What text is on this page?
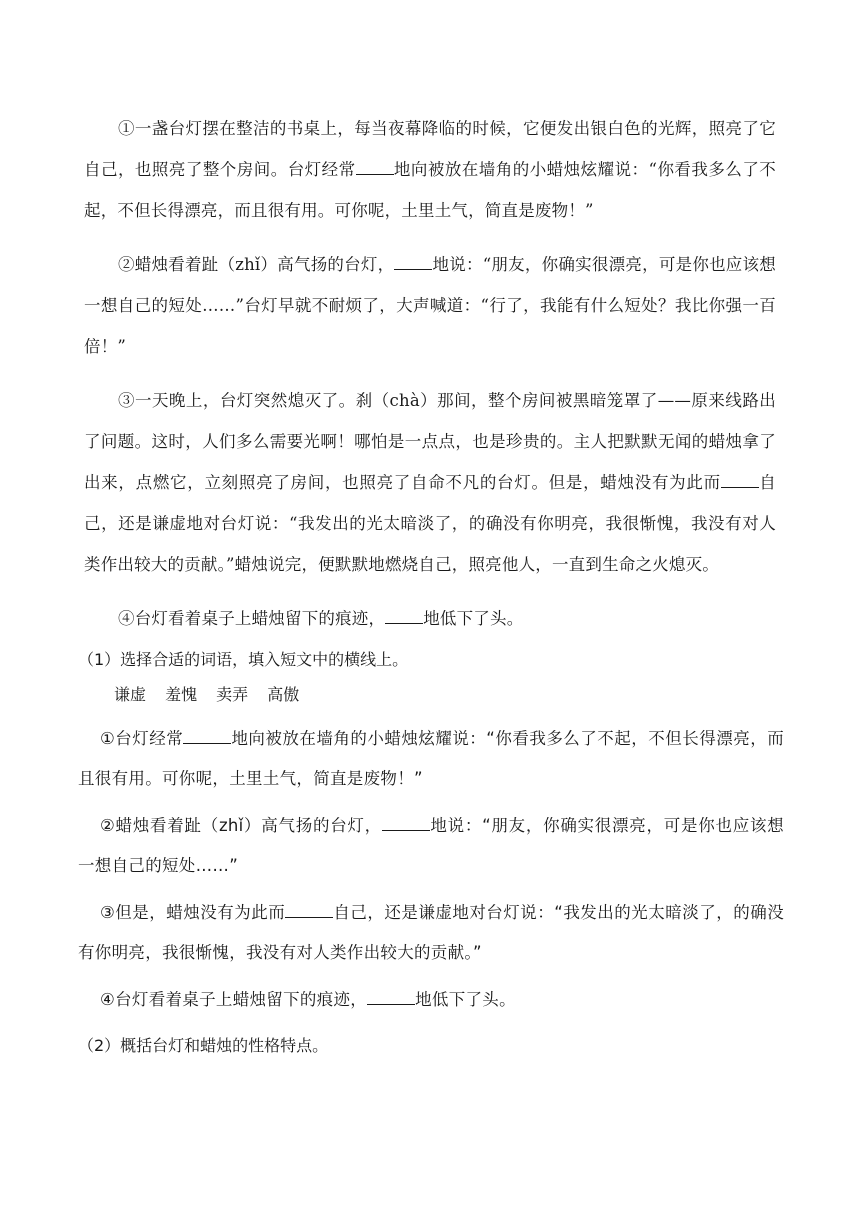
①一盏台灯摆在整洁的书桌上，每当夜幕降临的时候，它便发出银白色的光辉，照亮了它自己，也照亮了整个房间。台灯经常 地向被放在墙角的小蜡烛炫耀说：“你看我多么了不起，不但长得漂亮，而且很有用。可你呢，土里土气，简直是废物！”

②蜡烛看着趾（zhǐ）高气扬的台灯， 地说：“朋友，你确实很漂亮，可是你也应该想一想自己的短处……”台灯早就不耐烦了，大声喊道：“行了，我能有什么短处？我比你强一百倍！”

③一天晚上，台灯突然熄灭了。刹（chà）那间，整个房间被黑暗笼罩了——原来线路出了问题。这时，人们多么需要光啊！哪怕是一点点，也是珍贵的。主人把默默无闻的蜡烛拿了出来，点燃它，立刻照亮了房间，也照亮了自命不凡的台灯。但是，蜡烛没有为此而 自己，还是谦虚地对台灯说：“我发出的光太暗淡了，的确没有你明亮，我很惭愧，我没有对人类作出较大的贡献。”蜡烛说完，便默默地燃烧自己，照亮他人，一直到生命之火熄灭。

④台灯看着桌子上蜡烛留下的痕迹， 地低下了头。

（1）选择合适的词语，填入短文中的横线上。
谦虚 羞愧 卖弄 高傲

①台灯经常	地向被放在墙角的小蜡烛炫耀说：“你看我多么了不起，不但长得漂亮，而且很有用。可你呢，土里土气，简直是废物！”

②蜡烛看着趾（zhǐ）高气扬的台灯，	地说：“朋友，你确实很漂亮，可是你也应该想一想自己的短处……”

③但是，蜡烛没有为此而	自己，还是谦虚地对台灯说：“我发出的光太暗淡了，的确没有你明亮，我很惭愧，我没有对人类作出较大的贡献。”

④台灯看着桌子上蜡烛留下的痕迹，	地低下了头。

（2）概括台灯和蜡烛的性格特点。
